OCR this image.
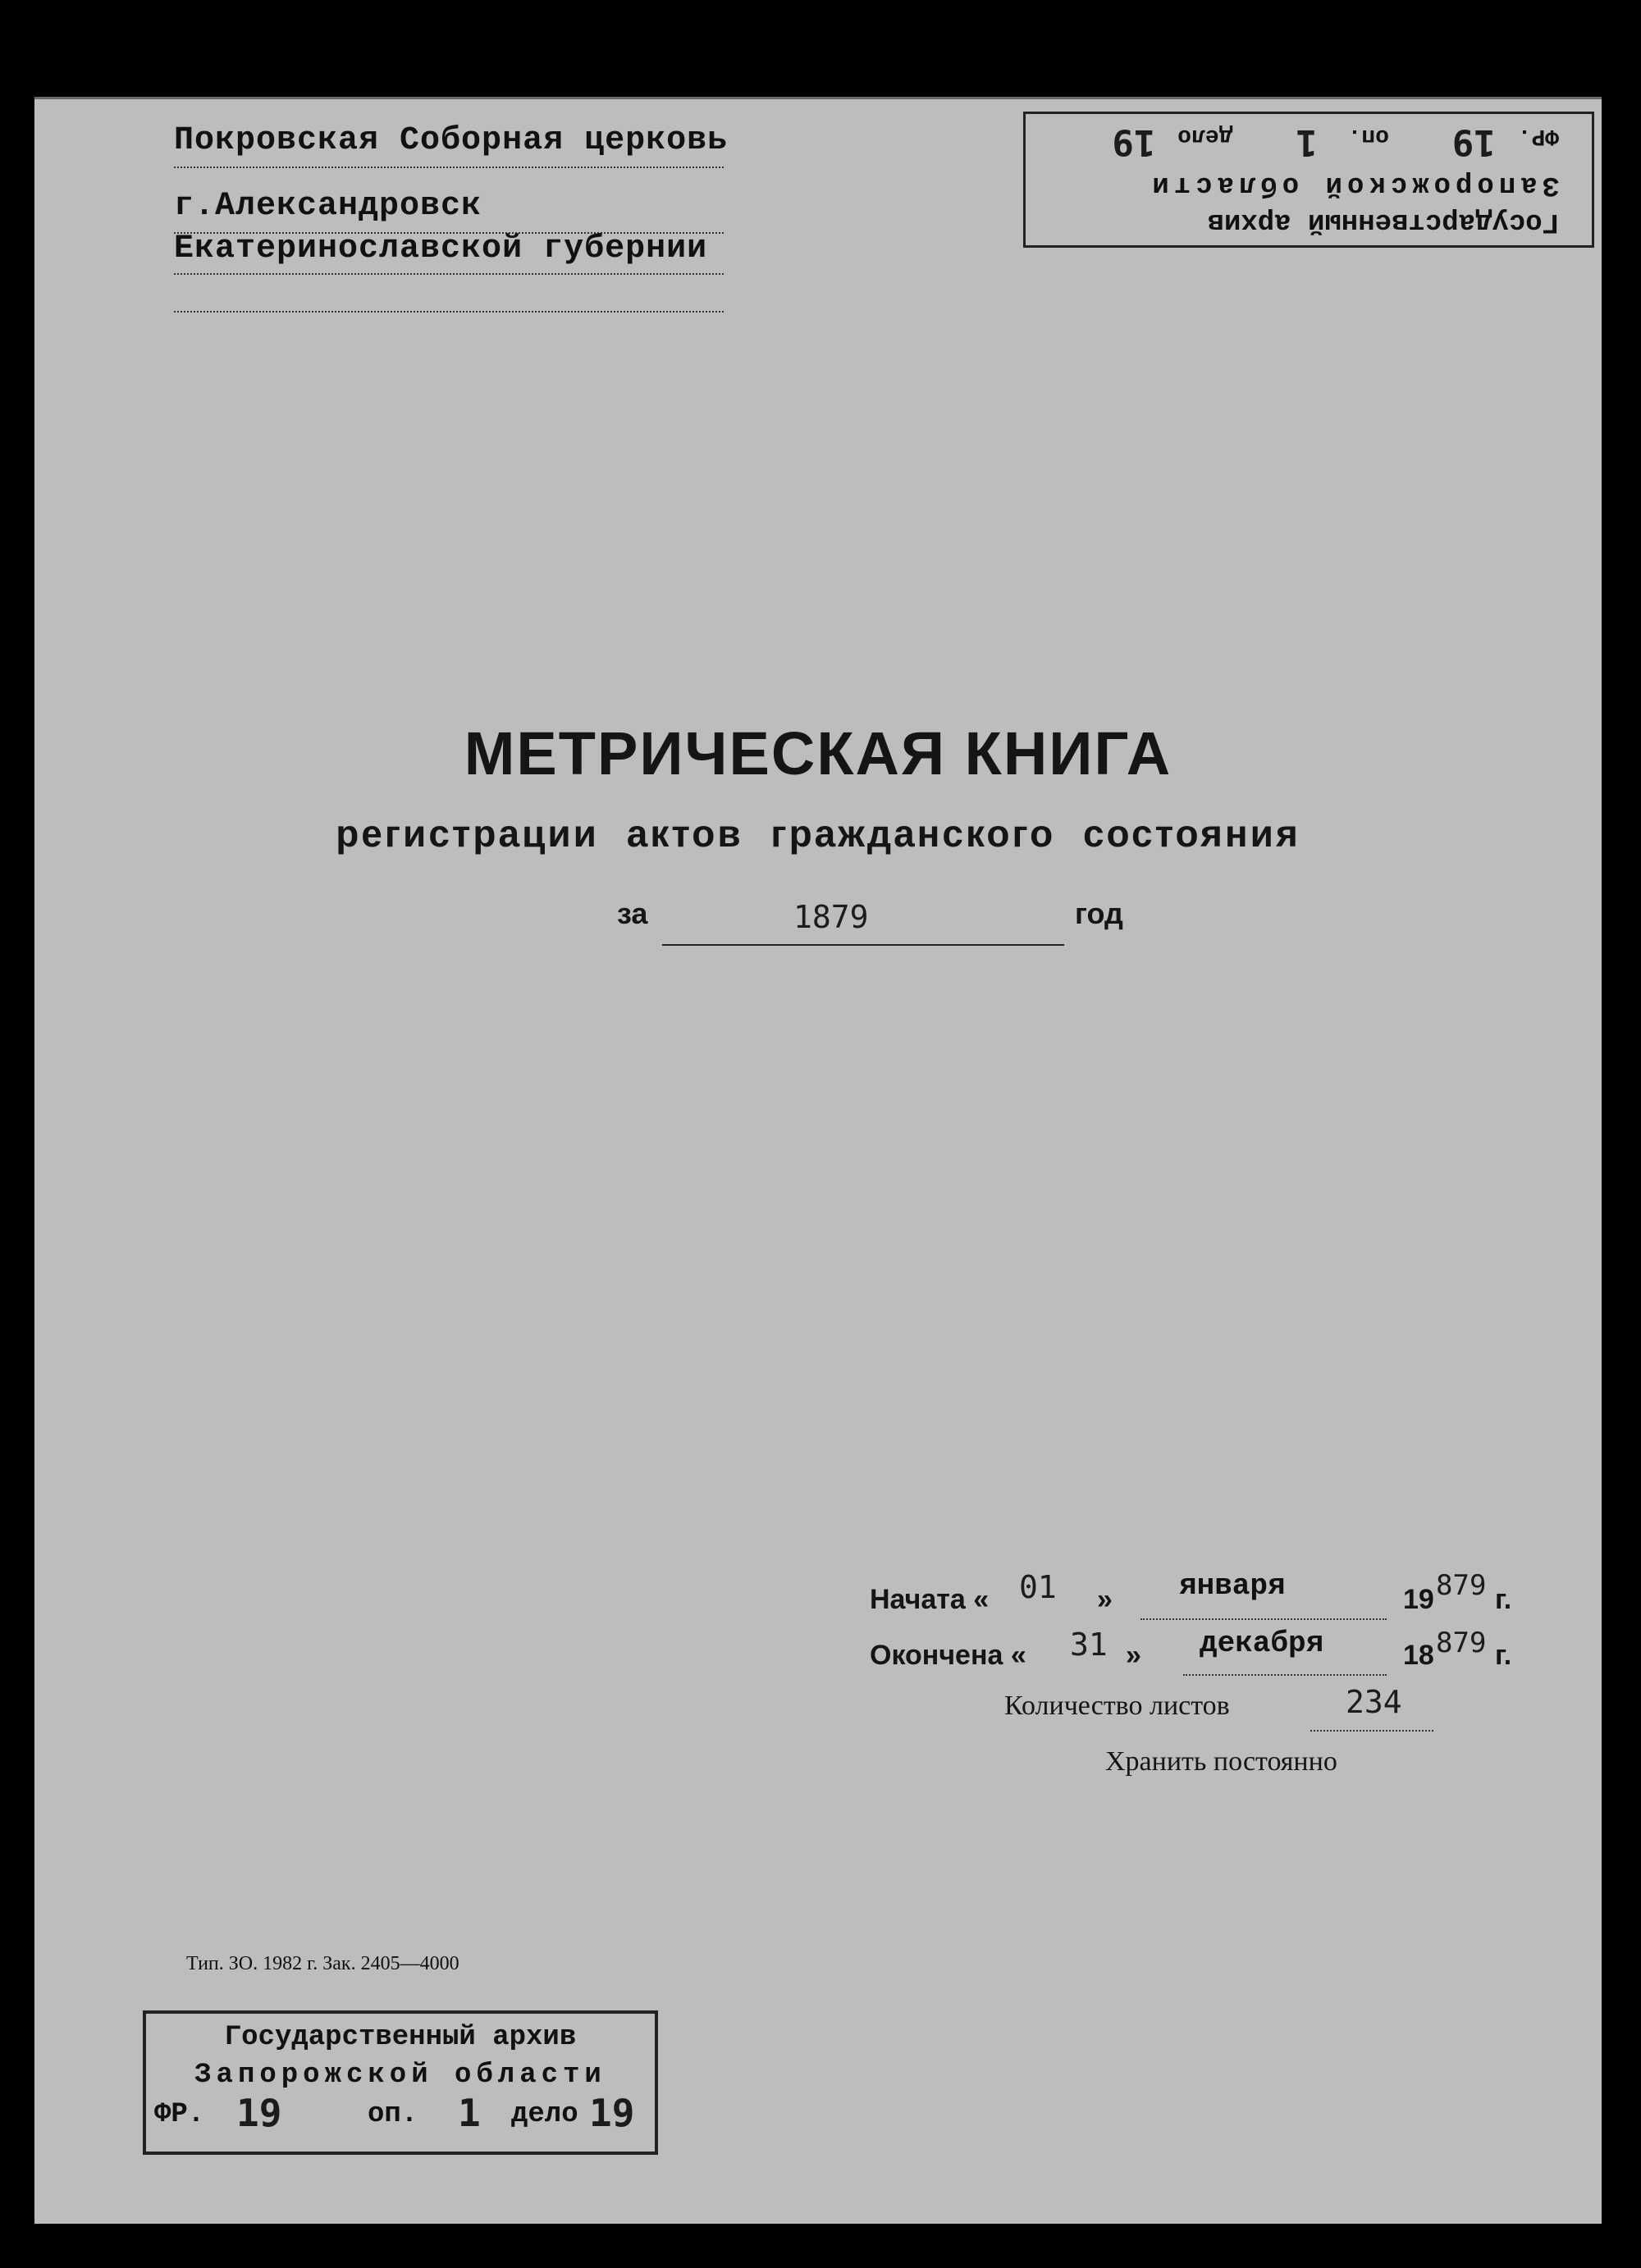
Покровская Соборная церковь
г.Александровск
Екатеринославской губернии
Государственный архив
Запорожской области
ФР. 19 оп. 1 дело 19
МЕТРИЧЕСКАЯ КНИГА
регистрации актов гражданского состояния
за	1879	год
Начата « 01 » января	19 879 г.
Окончена « 31 » декабря	18 879 г.
Количество листов	234
Хранить постоянно
Тип. ЗО. 1982 г. Зак. 2405—4000
Государственный архив
Запорожской области
ФР. 19	оп. 1 дело 19
